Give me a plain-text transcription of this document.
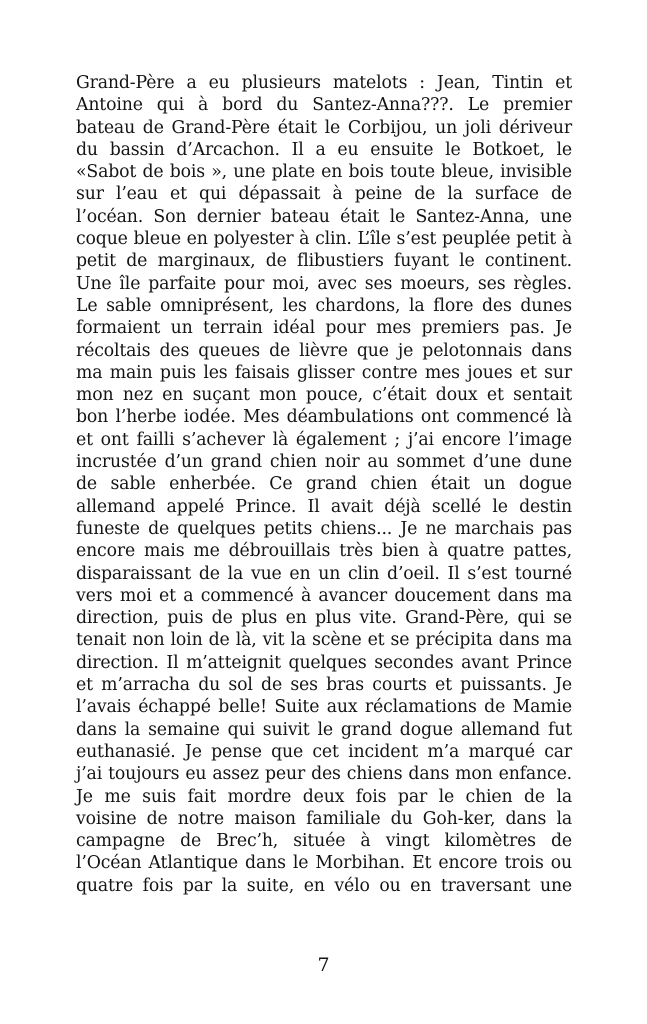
Grand-Père a eu plusieurs matelots : Jean, Tintin et
Antoine qui à bord du Santez-Anna???. Le premier
bateau de Grand-Père était le Corbijou, un joli dériveur
du bassin d’Arcachon. Il a eu ensuite le Botkoet, le
«Sabot de bois », une plate en bois toute bleue, invisible
sur l’eau et qui dépassait à peine de la surface de
l’océan. Son dernier bateau était le Santez-Anna, une
coque bleue en polyester à clin. L’île s’est peuplée petit à
petit de marginaux, de flibustiers fuyant le continent.
Une île parfaite pour moi, avec ses moeurs, ses règles.
Le sable omniprésent, les chardons, la flore des dunes
formaient un terrain idéal pour mes premiers pas. Je
récoltais des queues de lièvre que je pelotonnais dans
ma main puis les faisais glisser contre mes joues et sur
mon nez en suçant mon pouce, c’était doux et sentait
bon l’herbe iodée. Mes déambulations ont commencé là
et ont failli s’achever là également ; j’ai encore l’image
incrustée d’un grand chien noir au sommet d’une dune
de sable enherbée. Ce grand chien était un dogue
allemand appelé Prince. Il avait déjà scellé le destin
funeste de quelques petits chiens... Je ne marchais pas
encore mais me débrouillais très bien à quatre pattes,
disparaissant de la vue en un clin d’oeil. Il s’est tourné
vers moi et a commencé à avancer doucement dans ma
direction, puis de plus en plus vite. Grand-Père, qui se
tenait non loin de là, vit la scène et se précipita dans ma
direction. Il m’atteignit quelques secondes avant Prince
et m’arracha du sol de ses bras courts et puissants. Je
l’avais échappé belle! Suite aux réclamations de Mamie
dans la semaine qui suivit le grand dogue allemand fut
euthanasié. Je pense que cet incident m’a marqué car
j’ai toujours eu assez peur des chiens dans mon enfance.
Je me suis fait mordre deux fois par le chien de la
voisine de notre maison familiale du Goh-ker, dans la
campagne de Brec’h, située à vingt kilomètres de
l’Océan Atlantique dans le Morbihan. Et encore trois ou
quatre fois par la suite, en vélo ou en traversant une
7
